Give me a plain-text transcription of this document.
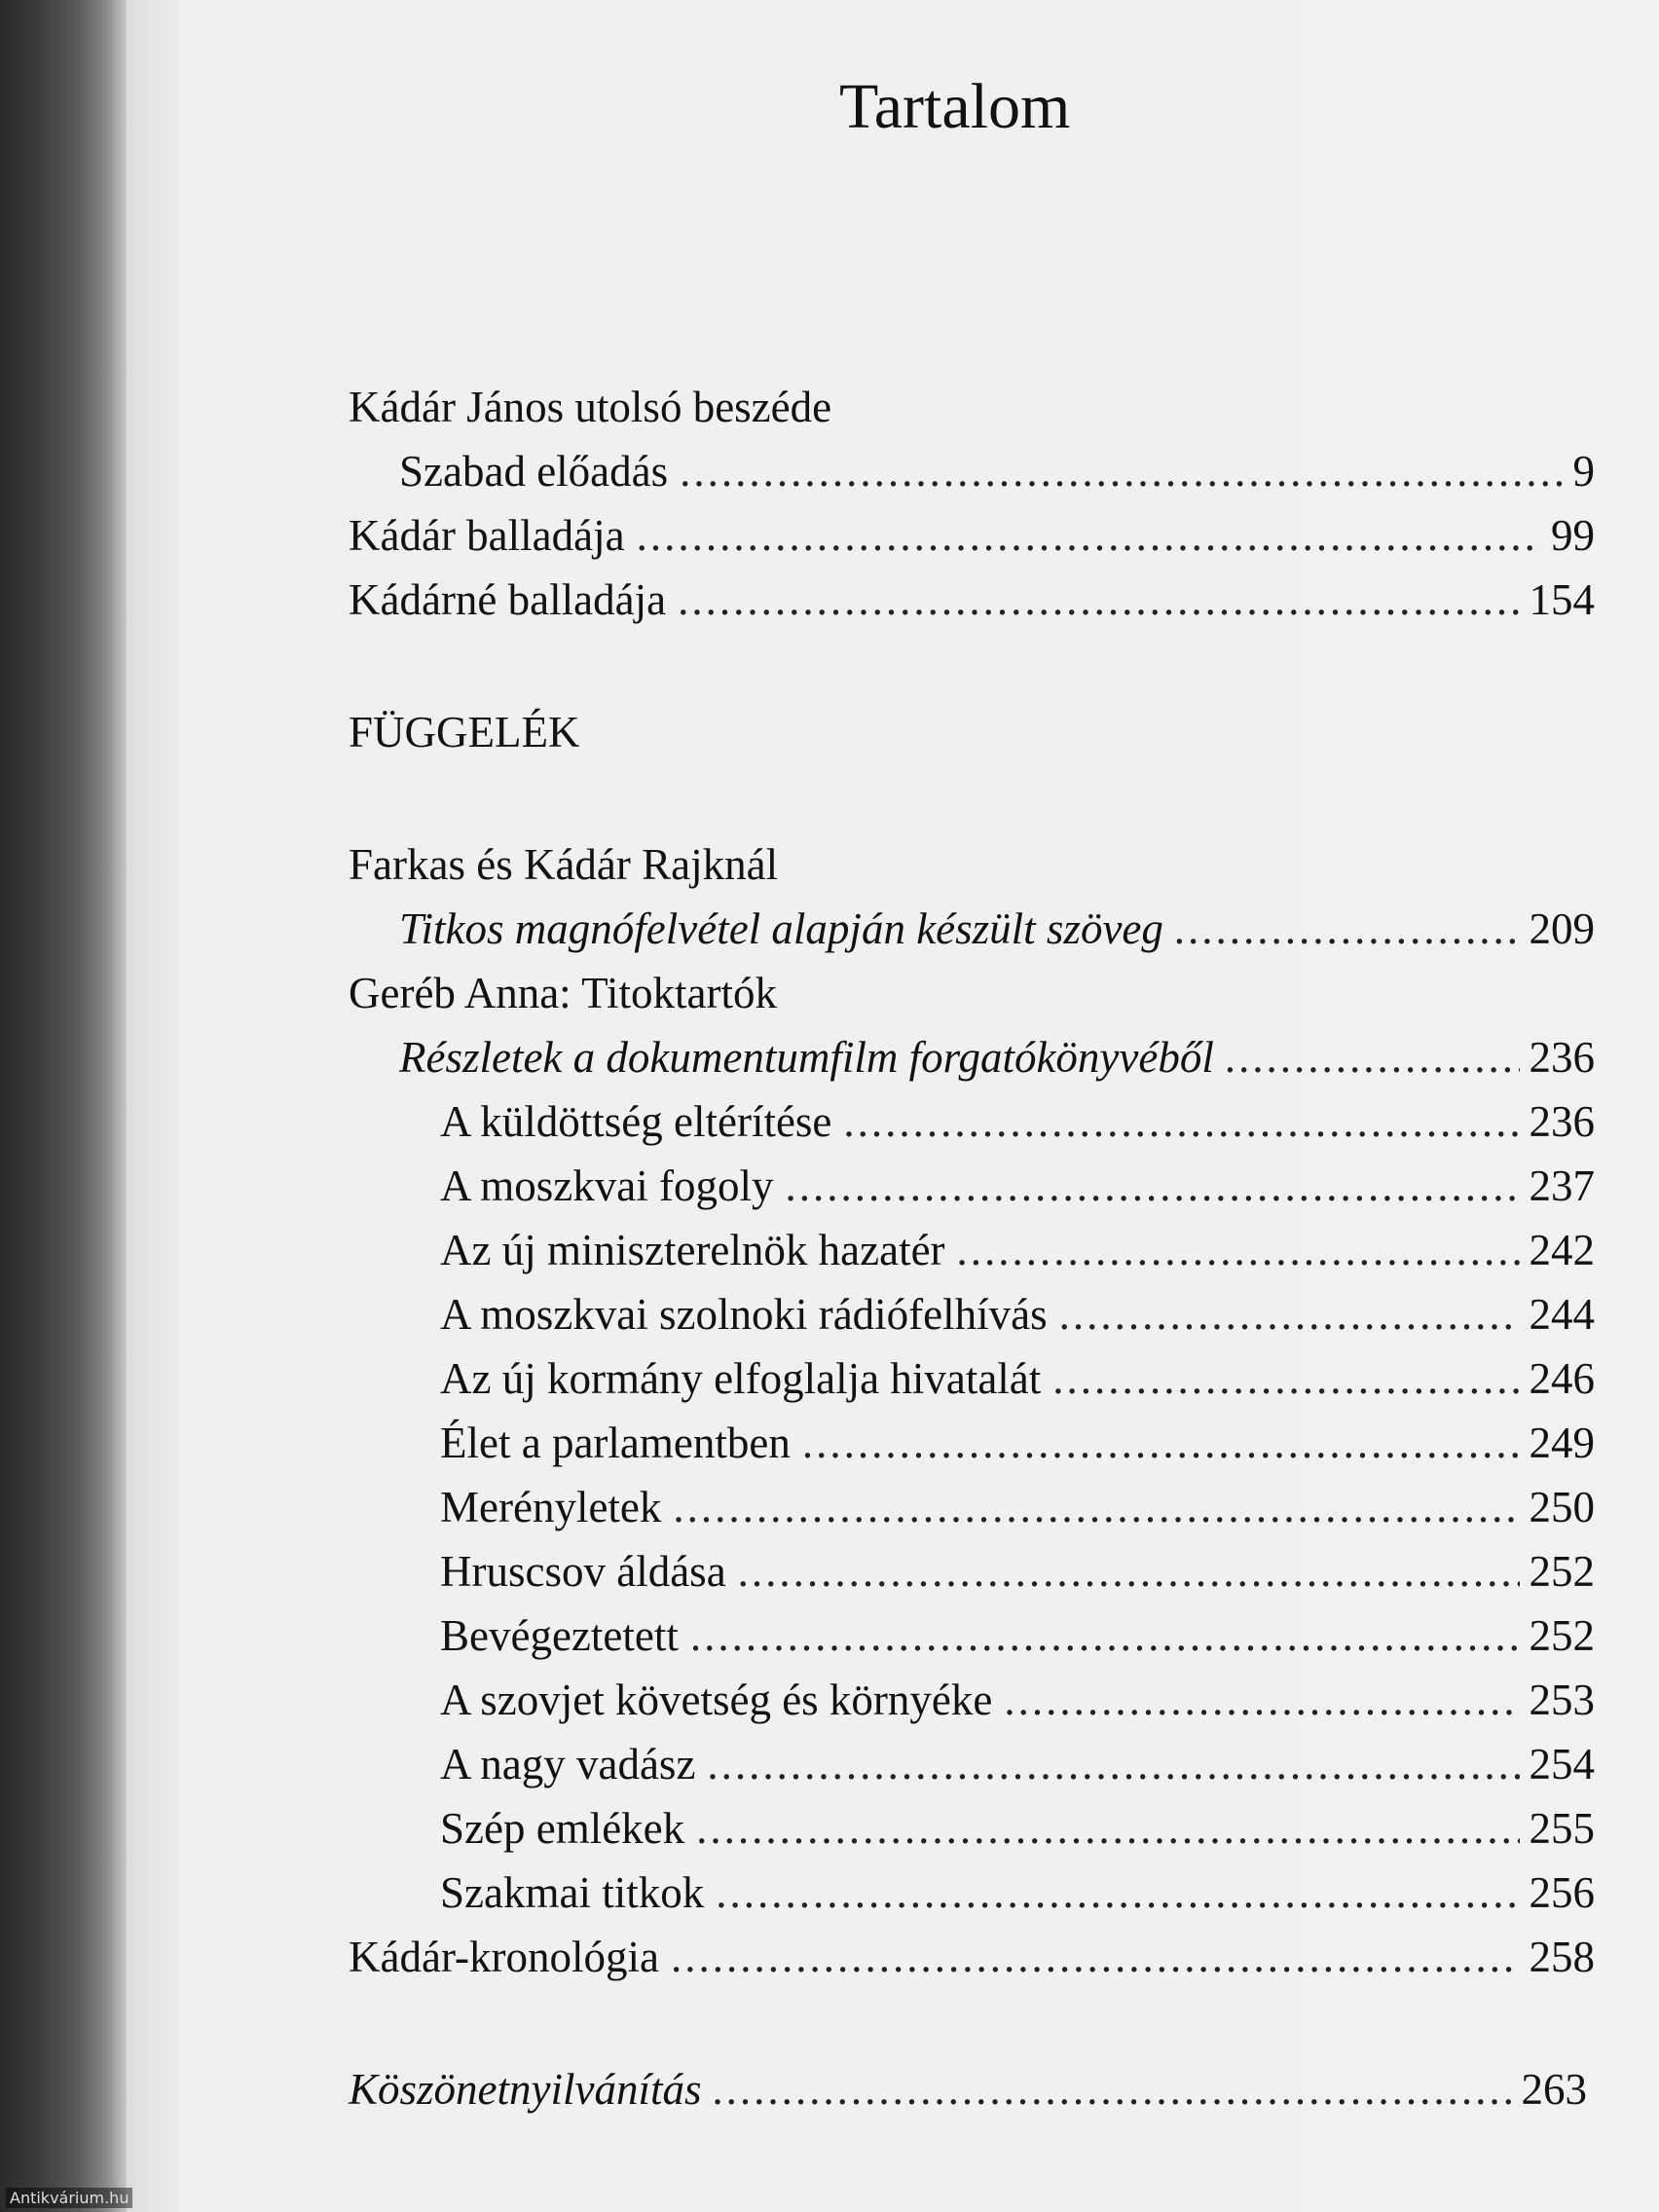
Tartalom
Kádár János utolsó beszéde
Szabad előadás .....	9
Kádár balladája .....	99
Kádárné balladája .....	154
FÜGGELÉK
Farkas és Kádár Rajknál
Titkos magnófelvétel alapján készült szöveg .....	209
Geréb Anna: Titoktartók
Részletek a dokumentumfilm forgatókönyvéből .....	236
A küldöttség eltérítése .....	236
A moszkvai fogoly .....	237
Az új miniszterelnök hazatér .....	242
A moszkvai szolnoki rádiófelhívás .....	244
Az új kormány elfoglalja hivatalát .....	246
Élet a parlamentben .....	249
Merényletek .....	250
Hruscsov áldása .....	252
Bevégeztetett .....	252
A szovjet követség és környéke .....	253
A nagy vadász .....	254
Szép emlékek .....	255
Szakmai titkok .....	256
Kádár-kronológia .....	258
Köszönetnyilvánítás .....	263
Antikvárium.hu
